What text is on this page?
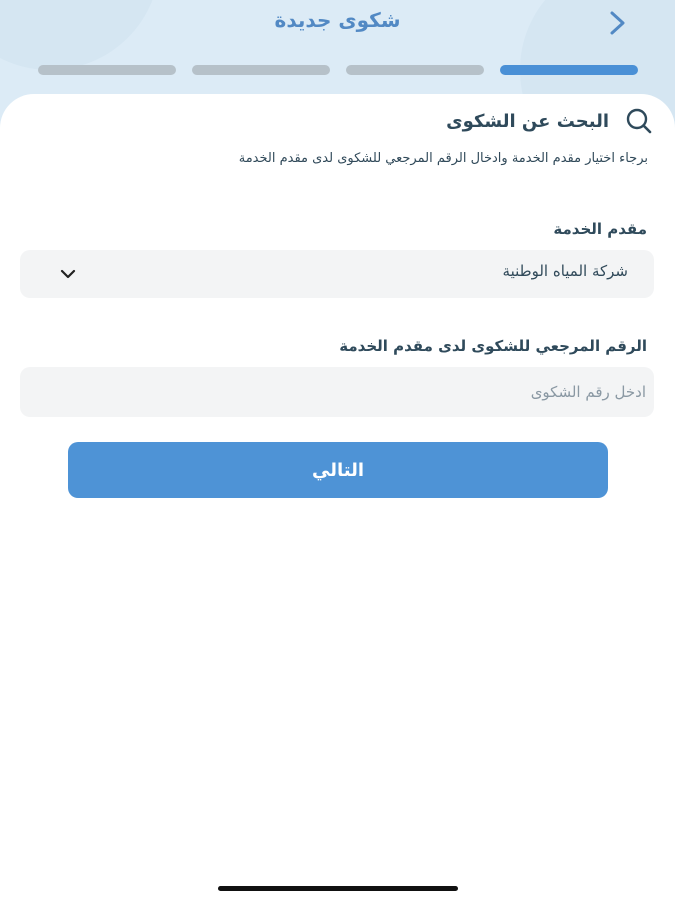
شكوى جديدة
البحث عن الشكوى
برجاء اختيار مقدم الخدمة وادخال الرقم المرجعي للشكوى لدى مقدم الخدمة
مقدم الخدمة
شركة المياه الوطنية
الرقم المرجعي للشكوى لدى مقدم الخدمة
ادخل رقم الشكوى
التالي
